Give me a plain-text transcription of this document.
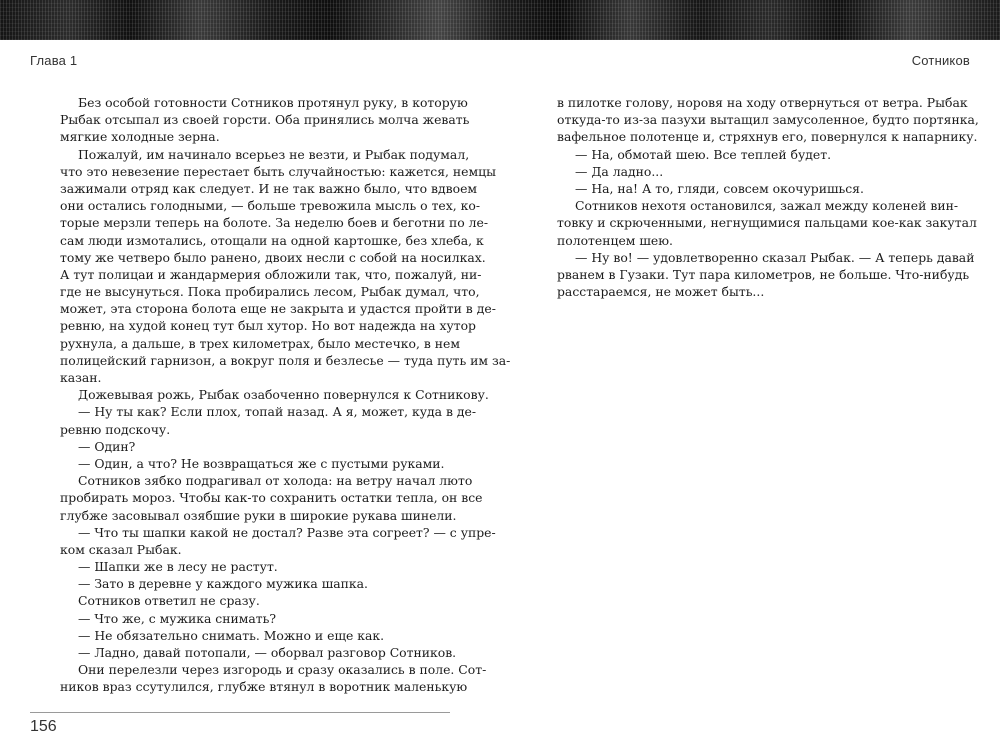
Глава 1	Сотников
Без особой готовности Сотников протянул руку, в которую
Рыбак отсыпал из своей горсти. Оба принялись молча жевать
мягкие холодные зерна.
Пожалуй, им начинало всерьез не везти, и Рыбак подумал,
что это невезение перестает быть случайностью: кажется, немцы
зажимали отряд как следует. И не так важно было, что вдвоем
они остались голодными, — больше тревожила мысль о тех, ко-
торые мерзли теперь на болоте. За неделю боев и беготни по ле-
сам люди измотались, отощали на одной картошке, без хлеба, к
тому же четверо было ранено, двоих несли с собой на носилках.
А тут полицаи и жандармерия обложили так, что, пожалуй, ни-
где не высунуться. Пока пробирались лесом, Рыбак думал, что,
может, эта сторона болота еще не закрыта и удастся пройти в де-
ревню, на худой конец тут был хутор. Но вот надежда на хутор
рухнула, а дальше, в трех километрах, было местечко, в нем
полицейский гарнизон, а вокруг поля и безлесье — туда путь им за-
казан.
Дожевывая рожь, Рыбак озабоченно повернулся к Сотникову.
— Ну ты как? Если плох, топай назад. А я, может, куда в де-
ревню подскочу.
— Один?
— Один, а что? Не возвращаться же с пустыми руками.
Сотников зябко подрагивал от холода: на ветру начал люто
пробирать мороз. Чтобы как-то сохранить остатки тепла, он все
глубже засовывал озябшие руки в широкие рукава шинели.
— Что ты шапки какой не достал? Разве эта согреет? — с упре-
ком сказал Рыбак.
— Шапки же в лесу не растут.
— Зато в деревне у каждого мужика шапка.
Сотников ответил не сразу.
— Что же, с мужика снимать?
— Не обязательно снимать. Можно и еще как.
— Ладно, давай потопали, — оборвал разговор Сотников.
Они перелезли через изгородь и сразу оказались в поле. Сот-
ников враз ссутулился, глубже втянул в воротник маленькую
в пилотке голову, норовя на ходу отвернуться от ветра. Рыбак
откуда-то из-за пазухи вытащил замусоленное, будто портянка,
вафельное полотенце и, стряхнув его, повернулся к напарнику.
— На, обмотай шею. Все теплей будет.
— Да ладно...
— На, на! А то, гляди, совсем окочуришься.
Сотников нехотя остановился, зажал между коленей вин-
товку и скрюченными, негнущимися пальцами кое-как закутал
полотенцем шею.
— Ну во! — удовлетворенно сказал Рыбак. — А теперь давай
рванем в Гузаки. Тут пара километров, не больше. Что-нибудь
расстараемся, не может быть...
156
